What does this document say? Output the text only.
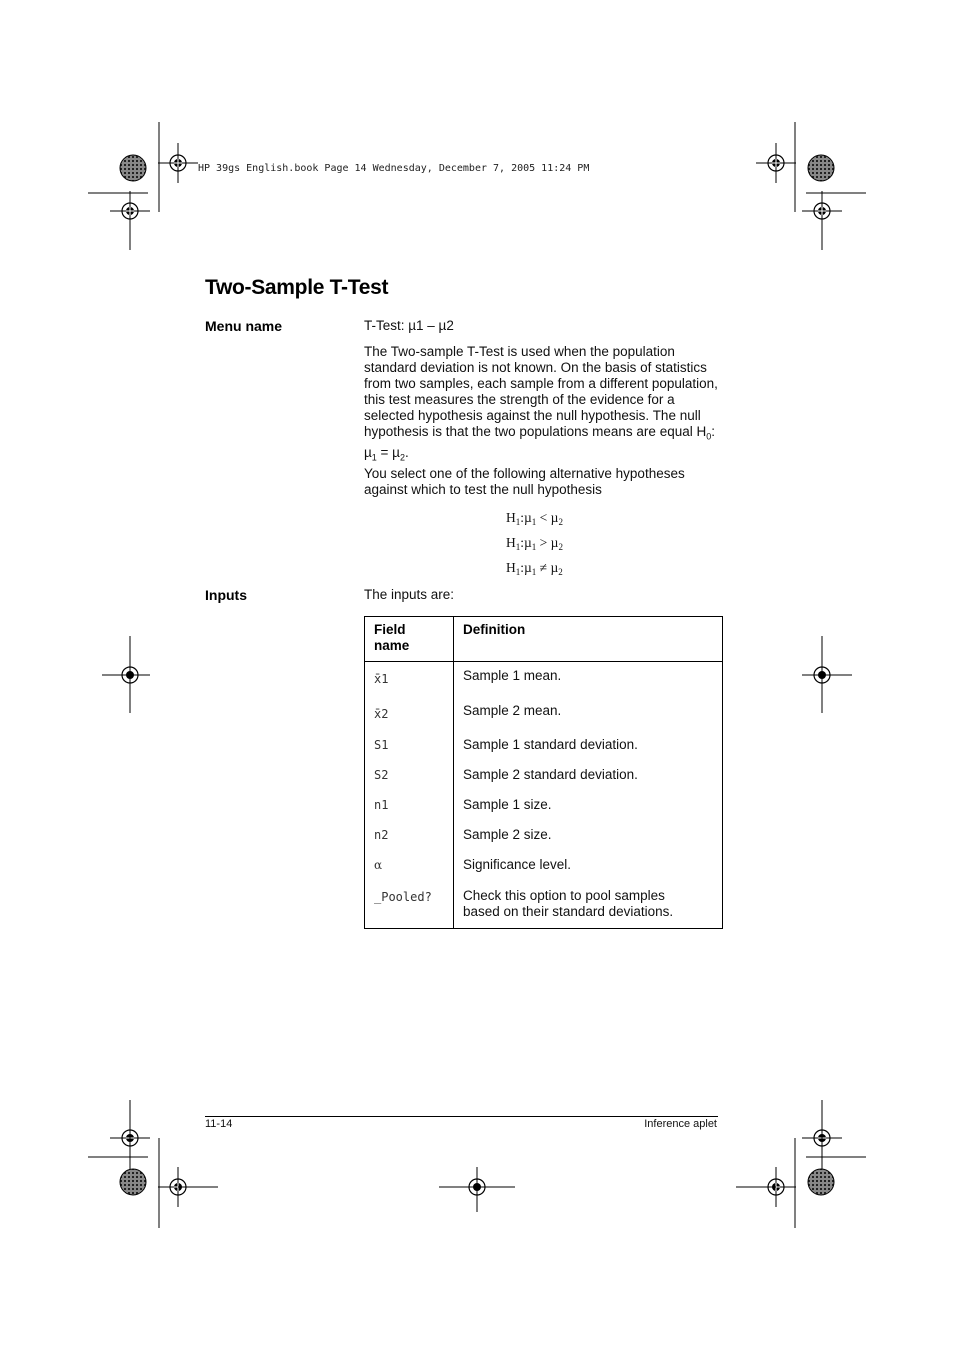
HP 39gs English.book Page 14 Wednesday, December 7, 2005 11:24 PM
Two-Sample T-Test
Menu name	T-Test: µ1 – µ2

The Two-sample T-Test is used when the population standard deviation is not known. On the basis of statistics from two samples, each sample from a different population, this test measures the strength of the evidence for a selected hypothesis against the null hypothesis. The null hypothesis is that the two populations means are equal $H_0$: µ$_1$ = µ$_2$.

You select one of the following alternative hypotheses against which to test the null hypothesis
$H_1:\mu_1 < \mu_2$
$H_1:\mu_1 > \mu_2$
$H_1:\mu_1 \ne \mu_2$
Inputs	The inputs are:
Field name	Definition
x̄1	Sample 1 mean.
x̄2	Sample 2 mean.
S1	Sample 1 standard deviation.
S2	Sample 2 standard deviation.
n1	Sample 1 size.
n2	Sample 2 size.
α	Significance level.
_Pooled?	Check this option to pool samples based on their standard deviations.
11-14	Inference aplet
